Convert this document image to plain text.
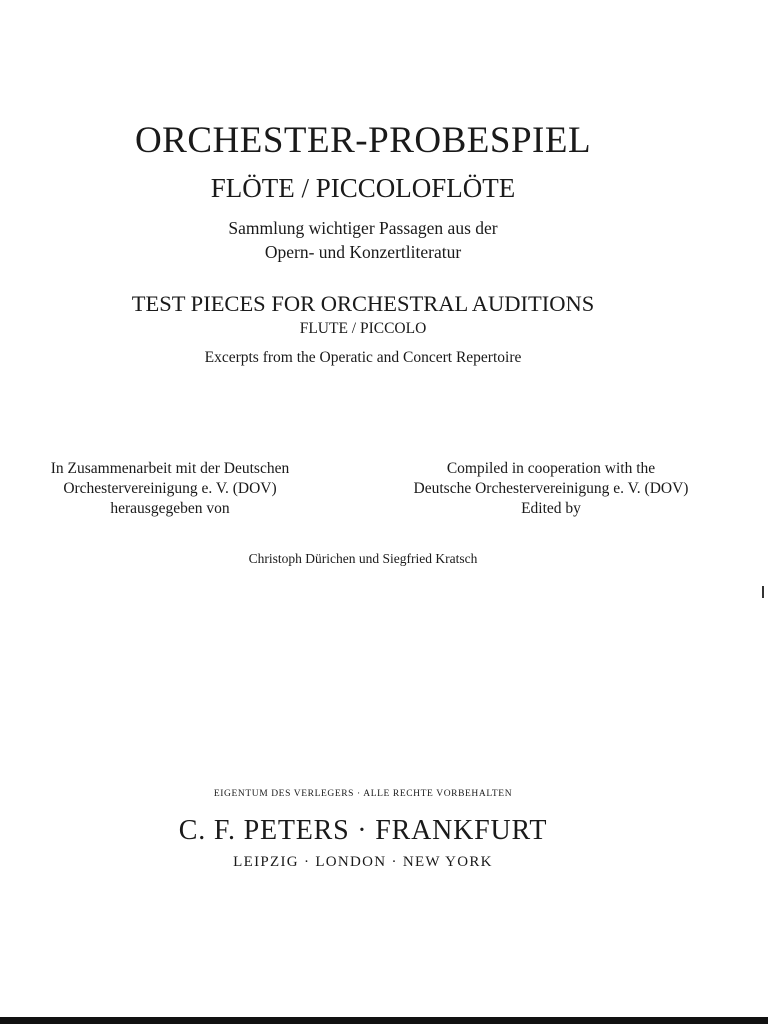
ORCHESTER-PROBESPIEL
FLÖTE / PICCOLOFLÖTE
Sammlung wichtiger Passagen aus der
Opern- und Konzertliteratur
TEST PIECES FOR ORCHESTRAL AUDITIONS
FLUTE / PICCOLO
Excerpts from the Operatic and Concert Repertoire
In Zusammenarbeit mit der Deutschen
Orchestervereinigung e. V. (DOV)
herausgegeben von
Compiled in cooperation with the
Deutsche Orchestervereinigung e. V. (DOV)
Edited by
Christoph Dürichen und Siegfried Kratsch
EIGENTUM DES VERLEGERS · ALLE RECHTE VORBEHALTEN
C. F. PETERS · FRANKFURT
LEIPZIG · LONDON · NEW YORK
